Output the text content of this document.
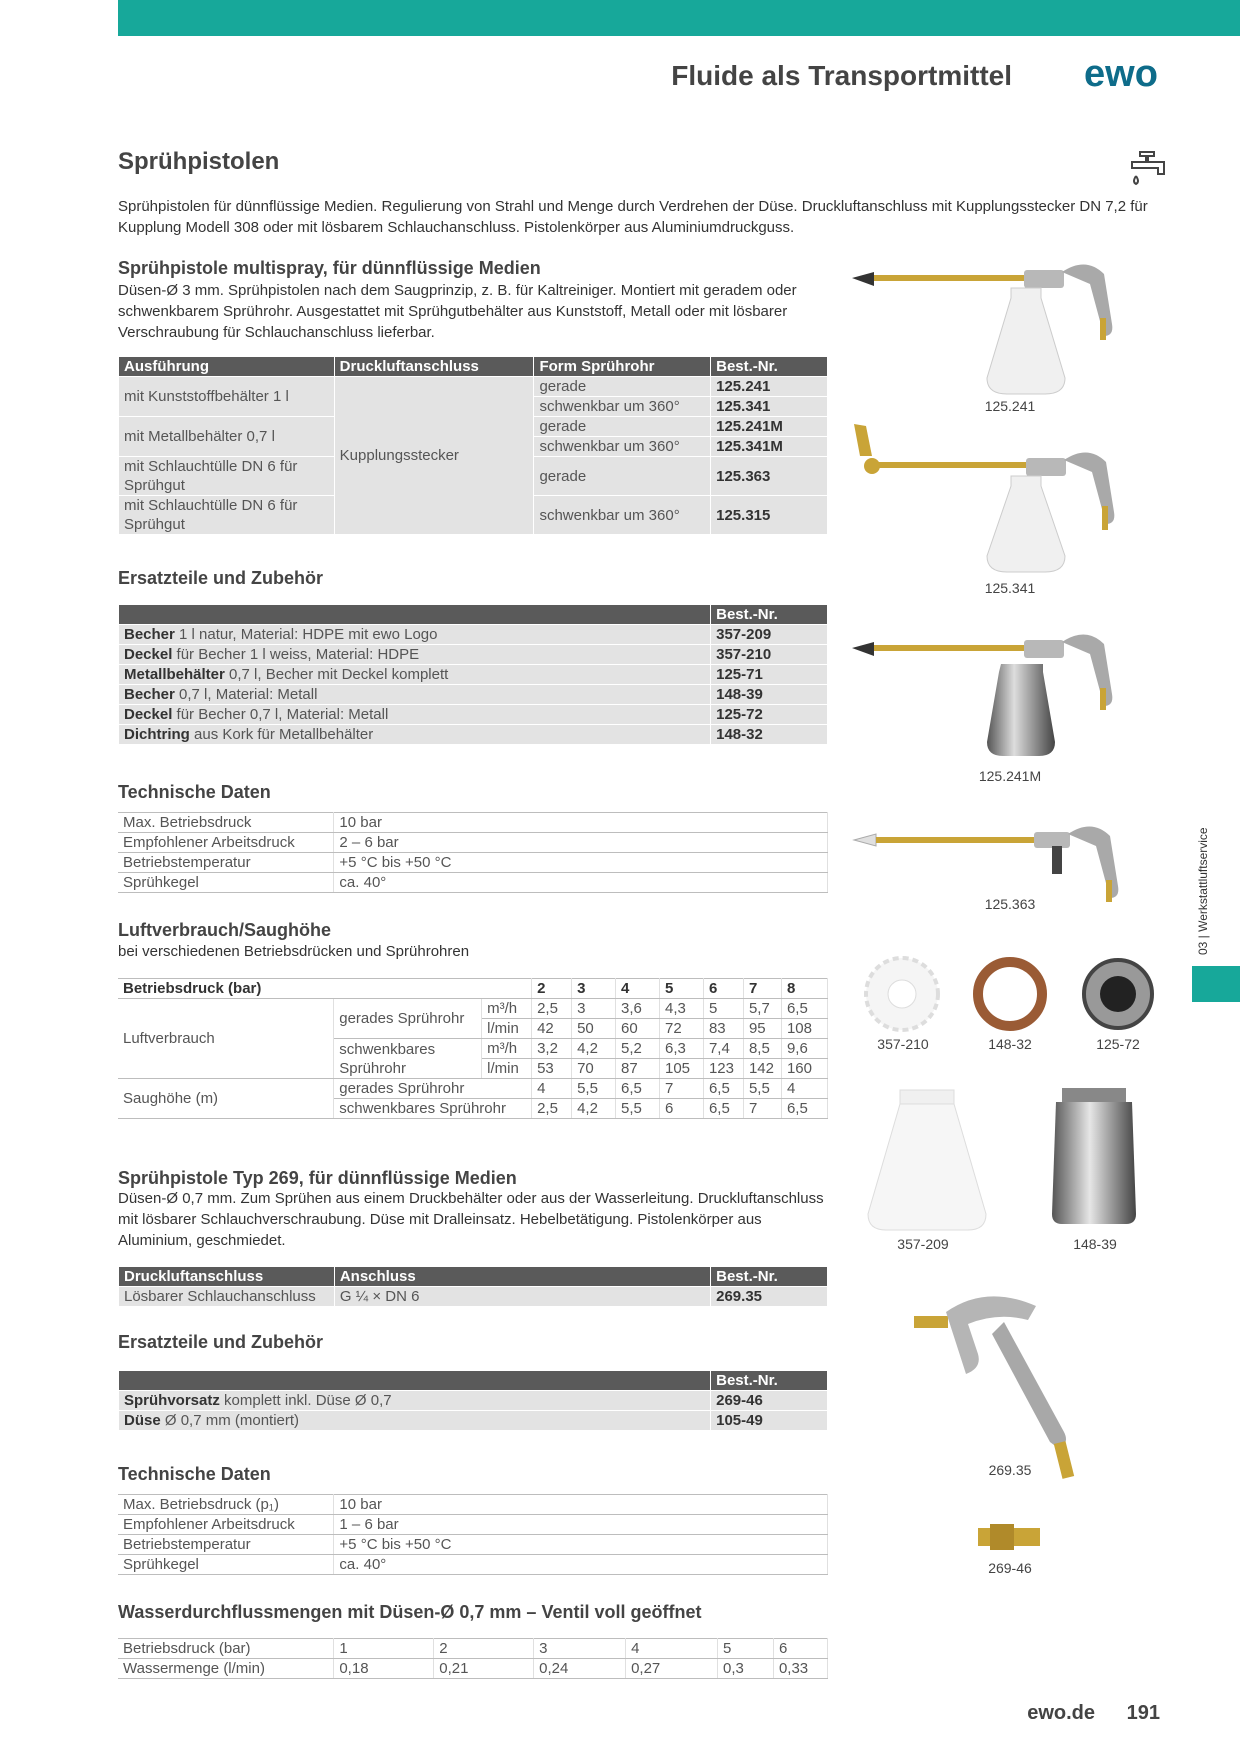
Fluide als Transportmittel ewo
03 | Werkstattluftservice
Sprühpistolen

Sprühpistolen für dünnflüssige Medien. Regulierung von Strahl und Menge durch Verdrehen der Düse. Druckluftanschluss mit Kupplungsstecker DN 7,2 für Kupplung Modell 308 oder mit lösbarem Schlauchanschluss. Pistolenkörper aus Aluminiumdruckguss.

Sprühpistole multispray, für dünnflüssige Medien

Düsen-Ø 3 mm. Sprühpistolen nach dem Saugprinzip, z. B. für Kaltreiniger. Montiert mit geradem oder schwenkbarem Sprührohr. Ausgestattet mit Sprühgutbehälter aus Kunststoff, Metall oder mit lösbarer Verschraubung für Schlauchanschluss lieferbar.

Ausführung	Druckluftanschluss	Form Sprührohr	Best.-Nr.
mit Kunststoffbehälter 1 l	Kupplungsstecker	gerade	125.241
		schwenkbar um 360°	125.341
mit Metallbehälter 0,7 l		gerade	125.241M
		schwenkbar um 360°	125.341M
mit Schlauchtülle DN 6 für Sprühgut		gerade	125.363

mit Schlauchtülle DN 6 für Sprühgut		schwenkbar um 360°	125.315

Ersatzteile und Zubehör
	Best.-Nr.
Becher 1 l natur, Material: HDPE mit ewo Logo	357-209
Deckel für Becher 1 l weiss, Material: HDPE	357-210
Metallbehälter 0,7 l, Becher mit Deckel komplett	125-71
Becher 0,7 l, Material: Metall	148-39
Deckel für Becher 0,7 l, Material: Metall	125-72
Dichtring aus Kork für Metallbehälter	148-32
Technische Daten
Max. Betriebsdruck	10 bar
Empfohlener Arbeitsdruck	2 – 6 bar
Betriebstemperatur	+5 °C bis +50 °C
Sprühkegel	ca. 40°
Luftverbrauch/Saughöhe

bei verschiedenen Betriebsdrücken und Sprührohren

Betriebsdruck (bar)			2	3	4	5	6	7	8
Luftverbrauch	gerades Sprührohr	m³/h	2,5	3	3,6	4,3	5	5,7	6,5
		l/min	42	50	60	72	83	95	108
	schwenkbares Sprührohr	m³/h	3,2	4,2	5,2	6,3	7,4	8,5	9,6
		l/min	53	70	87	105	123	142	160
Saughöhe (m)	gerades Sprührohr		4	5,5	6,5	7	6,5	5,5	4
	schwenkbares Sprührohr		2,5	4,2	5,5	6	6,5	7	6,5
Sprühpistole Typ 269, für dünnflüssige Medien

Düsen-Ø 0,7 mm. Zum Sprühen aus einem Druckbehälter oder aus der Wasserleitung. Druckluftanschluss mit lösbarer Schlauchverschraubung. Düse mit Dralleinsatz. Hebelbetätigung. Pistolenkörper aus Aluminium, geschmiedet.

Druckluftanschluss	Anschluss	Best.-Nr.
Lösbarer Schlauchanschluss	G ¼ × DN 6	269.35
Ersatzteile und Zubehör
	Best.-Nr.
Sprühvorsatz komplett inkl. Düse Ø 0,7	269-46
Düse Ø 0,7 mm (montiert)	105-49
Technische Daten
Max. Betriebsdruck (p₁)	10 bar
Empfohlener Arbeitsdruck	1 – 6 bar
Betriebstemperatur	+5 °C bis +50 °C
Sprühkegel	ca. 40°
Wasserdurchflussmengen mit Düsen-Ø 0,7 mm – Ventil voll geöffnet
Betriebsdruck (bar)	1	2	3	4	5	6
Wassermenge (l/min)	0,18	0,21	0,24	0,27	0,3	0,33
125.241
125.341
125.241M
125.363
357-210	148-32	125-72
357-209	148-39
269.35
269-46
ewo.de 191
